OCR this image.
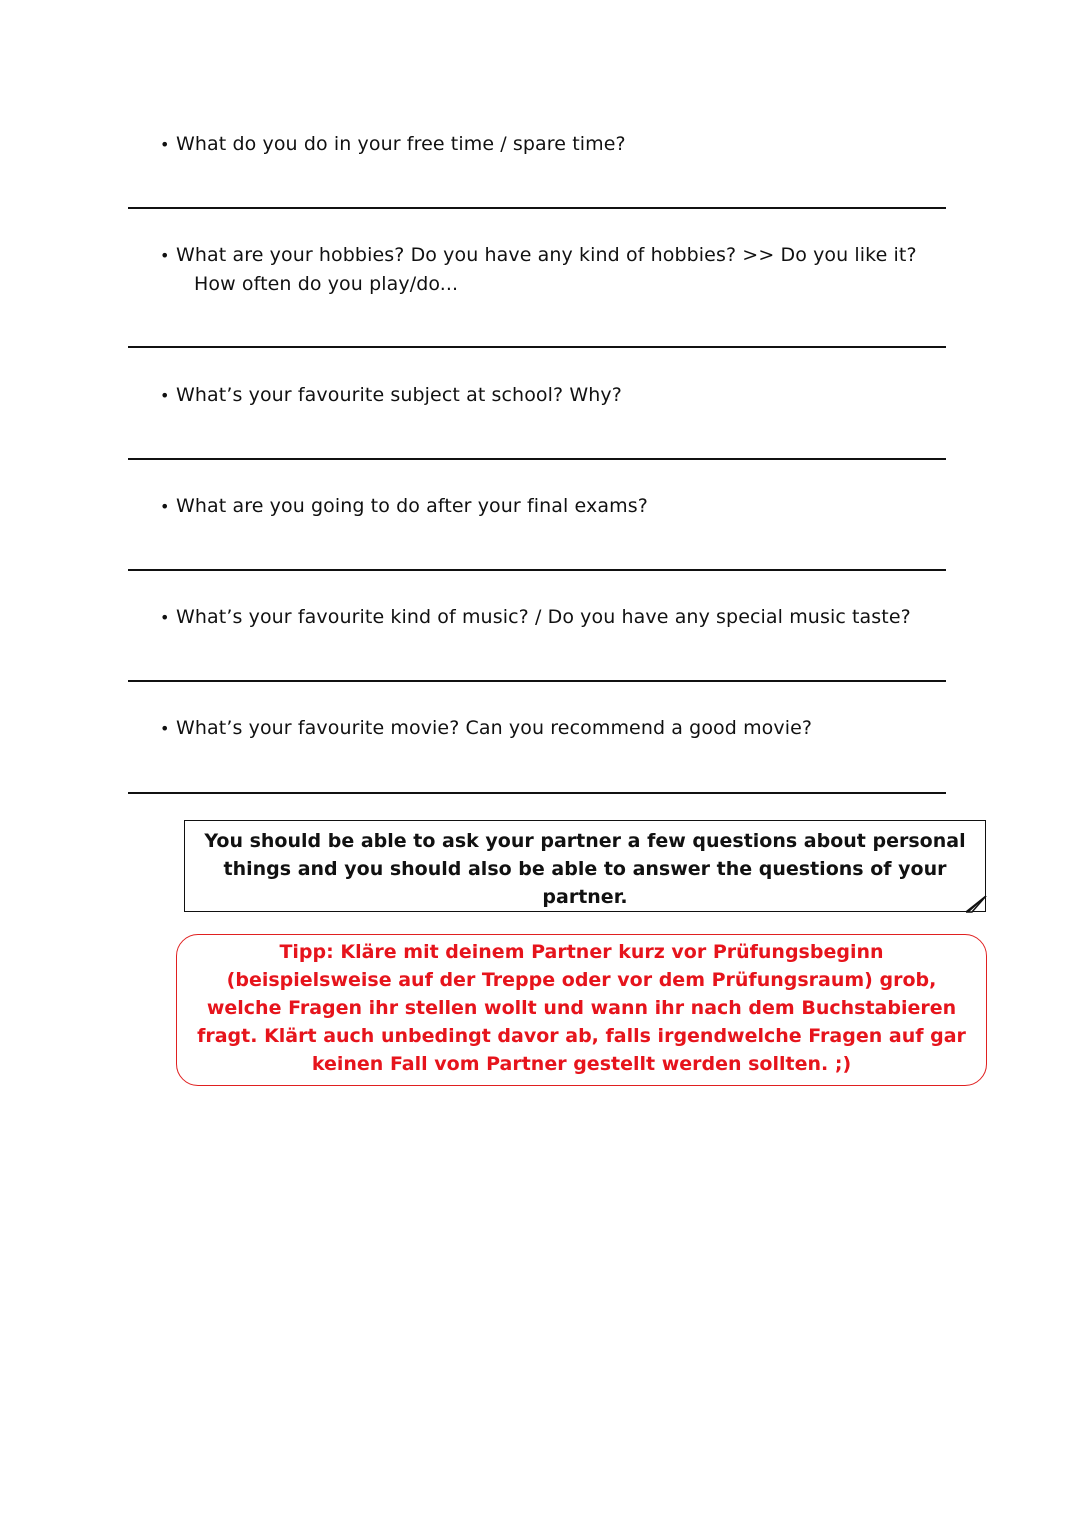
• What do you do in your free time / spare time?
• What are your hobbies? Do you have any kind of hobbies? >> Do you like it?
How often do you play/do...
• What’s your favourite subject at school? Why?
• What are you going to do after your final exams?
• What’s your favourite kind of music? / Do you have any special music taste?
• What’s your favourite movie? Can you recommend a good movie?
You should be able to ask your partner a few questions about personal things and you should also be able to answer the questions of your partner.
Tipp: Kläre mit deinem Partner kurz vor Prüfungsbeginn (beispielsweise auf der Treppe oder vor dem Prüfungsraum) grob, welche Fragen ihr stellen wollt und wann ihr nach dem Buchstabieren fragt. Klärt auch unbedingt davor ab, falls irgendwelche Fragen auf gar keinen Fall vom Partner gestellt werden sollten. ;)
